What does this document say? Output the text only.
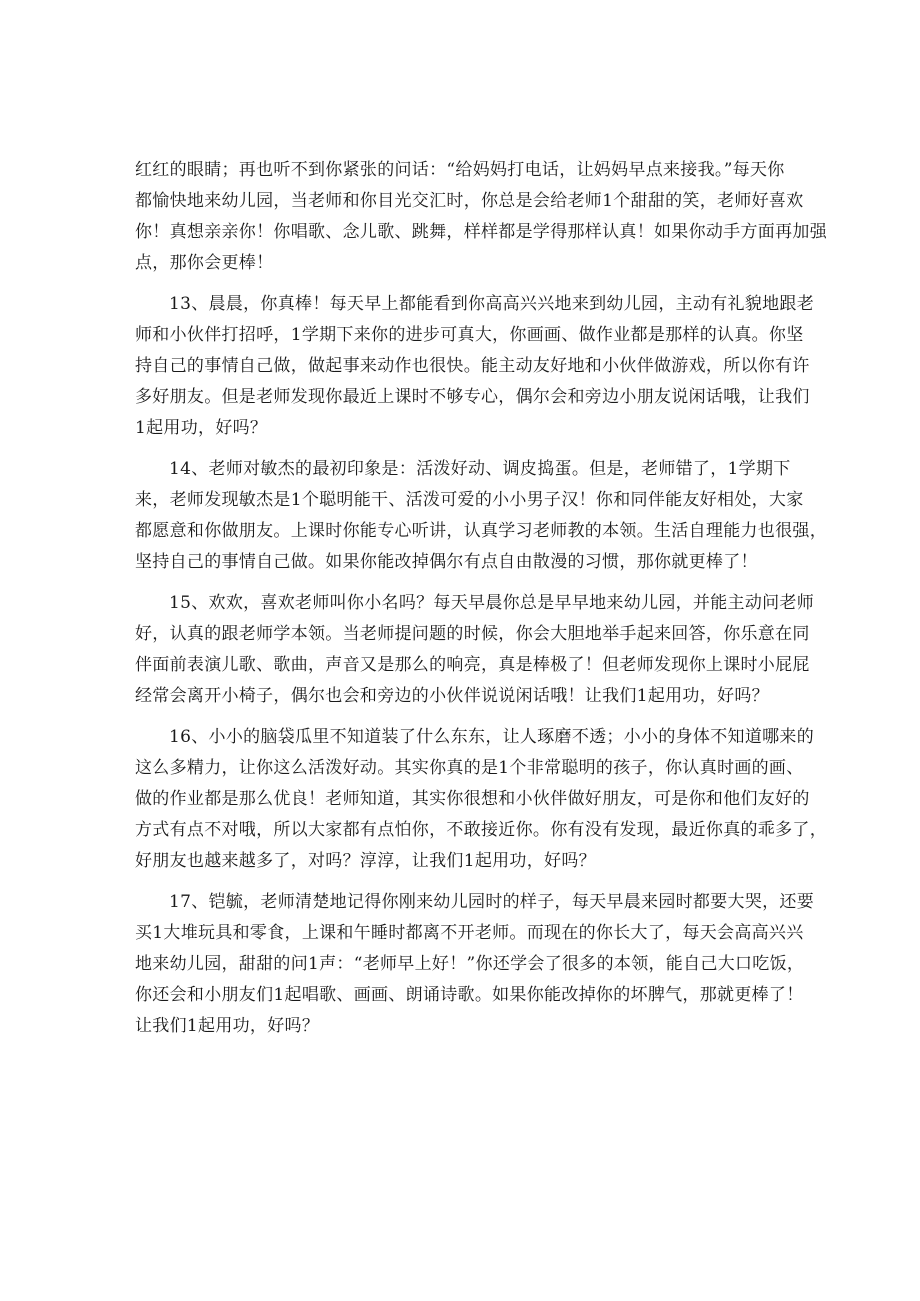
红红的眼睛；再也听不到你紧张的问话：“给妈妈打电话，让妈妈早点来接我。”每天你
都愉快地来幼儿园，当老师和你目光交汇时，你总是会给老师1个甜甜的笑，老师好喜欢
你！真想亲亲你！你唱歌、念儿歌、跳舞，样样都是学得那样认真！如果你动手方面再加强
点，那你会更棒！
13、晨晨，你真棒！每天早上都能看到你高高兴兴地来到幼儿园，主动有礼貌地跟老
师和小伙伴打招呼，1学期下来你的进步可真大，你画画、做作业都是那样的认真。你坚
持自己的事情自己做，做起事来动作也很快。能主动友好地和小伙伴做游戏，所以你有许
多好朋友。但是老师发现你最近上课时不够专心，偶尔会和旁边小朋友说闲话哦，让我们
1起用功，好吗？
14、老师对敏杰的最初印象是：活泼好动、调皮捣蛋。但是，老师错了，1学期下
来，老师发现敏杰是1个聪明能干、活泼可爱的小小男子汉！你和同伴能友好相处，大家
都愿意和你做朋友。上课时你能专心听讲，认真学习老师教的本领。生活自理能力也很强，
坚持自己的事情自己做。如果你能改掉偶尔有点自由散漫的习惯，那你就更棒了！
15、欢欢，喜欢老师叫你小名吗？每天早晨你总是早早地来幼儿园，并能主动问老师
好，认真的跟老师学本领。当老师提问题的时候，你会大胆地举手起来回答，你乐意在同
伴面前表演儿歌、歌曲，声音又是那么的响亮，真是棒极了！但老师发现你上课时小屁屁
经常会离开小椅子，偶尔也会和旁边的小伙伴说说闲话哦！让我们1起用功，好吗？
16、小小的脑袋瓜里不知道装了什么东东，让人琢磨不透；小小的身体不知道哪来的
这么多精力，让你这么活泼好动。其实你真的是1个非常聪明的孩子，你认真时画的画、
做的作业都是那么优良！老师知道，其实你很想和小伙伴做好朋友，可是你和他们友好的
方式有点不对哦，所以大家都有点怕你，不敢接近你。你有没有发现，最近你真的乖多了，
好朋友也越来越多了，对吗？淳淳，让我们1起用功，好吗？
17、铠毓，老师清楚地记得你刚来幼儿园时的样子，每天早晨来园时都要大哭，还要
买1大堆玩具和零食，上课和午睡时都离不开老师。而现在的你长大了，每天会高高兴兴
地来幼儿园，甜甜的问1声：“老师早上好！”你还学会了很多的本领，能自己大口吃饭，
你还会和小朋友们1起唱歌、画画、朗诵诗歌。如果你能改掉你的坏脾气，那就更棒了！
让我们1起用功，好吗？
